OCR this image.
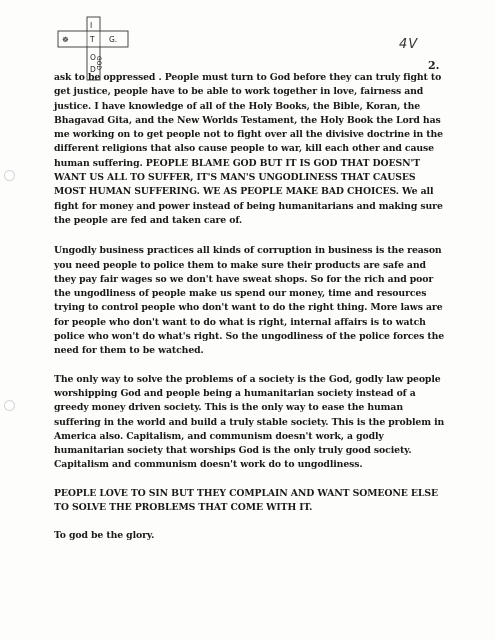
I
☸	T G.
O
D GOD
4V
2.

ask to be oppressed . People must turn to God before they can truly fight to get justice, people have to be able to work together in love, fairness and justice. I have knowledge of all of the Holy Books, the Bible, Koran, the Bhagavad Gita, and the New Worlds Testament, the Holy Book the Lord has me working on to get people not to fight over all the divisive doctrine in the different religions that also cause people to war, kill each other and cause human suffering. PEOPLE BLAME GOD BUT IT IS GOD THAT DOESN'T WANT US ALL TO SUFFER, IT'S MAN'S UNGODLINESS THAT CAUSES MOST HUMAN SUFFERING. WE AS PEOPLE MAKE BAD CHOICES. We all fight for money and power instead of being humanitarians and making sure the people are fed and taken care of.

Ungodly business practices all kinds of corruption in business is the reason you need people to police them to make sure their products are safe and they pay fair wages so we don't have sweat shops. So for the rich and poor the ungodliness of people make us spend our money, time and resources trying to control people who don't want to do the right thing. More laws are for people who don't want to do what is right, internal affairs is to watch police who won't do what's right. So the ungodliness of the police forces the need for them to be watched.

The only way to solve the problems of a society is the God, godly law people worshipping God and people being a humanitarian society instead of a greedy money driven society. This is the only way to ease the human suffering in the world and build a truly stable society. This is the problem in America also. Capitalism, and communism doesn't work, a godly humanitarian society that worships God is the only truly good society. Capitalism and communism doesn't work do to ungodliness.

PEOPLE LOVE TO SIN BUT THEY COMPLAIN AND WANT SOMEONE ELSE TO SOLVE THE PROBLEMS THAT COME WITH IT.

To god be the glory.
